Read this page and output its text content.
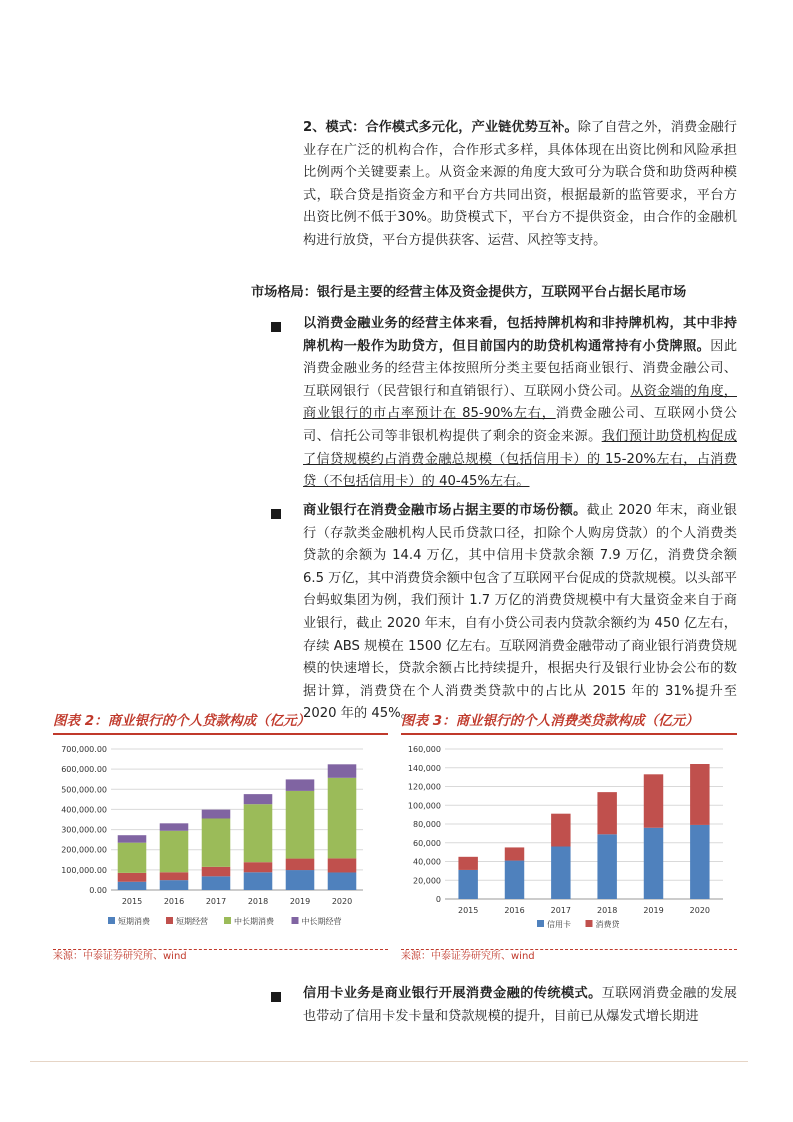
2、模式：合作模式多元化，产业链优势互补。除了自营之外，消费金融行业存在广泛的机构合作，合作形式多样，具体体现在出资比例和风险承担比例两个关键要素上。从资金来源的角度大致可分为联合贷和助贷两种模式，联合贷是指资金方和平台方共同出资，根据最新的监管要求，平台方出资比例不低于30%。助贷模式下，平台方不提供资金，由合作的金融机构进行放贷，平台方提供获客、运营、风控等支持。
市场格局：银行是主要的经营主体及资金提供方，互联网平台占据长尾市场
以消费金融业务的经营主体来看，包括持牌机构和非持牌机构，其中非持牌机构一般作为助贷方，但目前国内的助贷机构通常持有小贷牌照。因此消费金融业务的经营主体按照所分类主要包括商业银行、消费金融公司、互联网银行（民营银行和直销银行）、互联网小贷公司。从资金端的角度，商业银行的市占率预计在 85-90%左右，消费金融公司、互联网小贷公司、信托公司等非银机构提供了剩余的资金来源。我们预计助贷机构促成了信贷规模约占消费金融总规模（包括信用卡）的 15-20%左右，占消费贷（不包括信用卡）的 40-45%左右。
商业银行在消费金融市场占据主要的市场份额。截止 2020 年末，商业银行（存款类金融机构人民币贷款口径，扣除个人购房贷款）的个人消费类贷款的余额为 14.4 万亿，其中信用卡贷款余额 7.9 万亿，消费贷余额 6.5 万亿，其中消费贷余额中包含了互联网平台促成的贷款规模。以头部平台蚂蚁集团为例，我们预计 1.7 万亿的消费贷规模中有大量资金来自于商业银行，截止 2020 年末，自有小贷公司表内贷款余额约为 450 亿左右，存续 ABS 规模在 1500 亿左右。互联网消费金融带动了商业银行消费贷规模的快速增长，贷款余额占比持续提升，根据央行及银行业协会公布的数据计算，消费贷在个人消费类贷款中的占比从 2015 年的 31%提升至 2020 年的 45%。
图表 2：商业银行的个人贷款构成（亿元）
0.00
100,000.00
200,000.00
300,000.00
400,000.00
500,000.00
600,000.00
700,000.00
2015	2016	2017	2018	2019	2020
短期消费	短期经营	中长期消费	中长期经营
来源：中泰证券研究所、wind
图表 3：商业银行的个人消费类贷款构成（亿元）
0
20,000
40,000
60,000
80,000
100,000
120,000
140,000
160,000
2015	2016	2017	2018	2019	2020
信用卡	消费贷
来源：中泰证券研究所、wind
信用卡业务是商业银行开展消费金融的传统模式。互联网消费金融的发展也带动了信用卡发卡量和贷款规模的提升，目前已从爆发式增长期进
